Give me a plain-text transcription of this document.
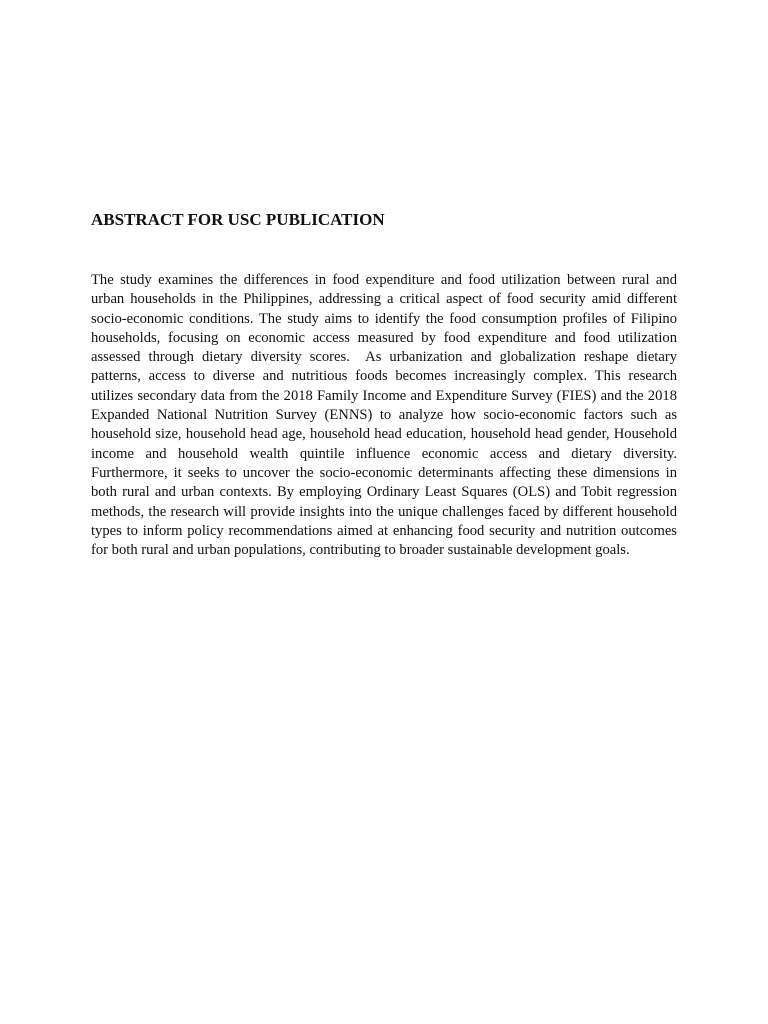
ABSTRACT FOR USC PUBLICATION

The study examines the differences in food expenditure and food utilization between rural and urban households in the Philippines, addressing a critical aspect of food security amid different socio-economic conditions. The study aims to identify the food consumption profiles of Filipino households, focusing on economic access measured by food expenditure and food utilization assessed through dietary diversity scores.  As urbanization and globalization reshape dietary patterns, access to diverse and nutritious foods becomes increasingly complex. This research utilizes secondary data from the 2018 Family Income and Expenditure Survey (FIES) and the 2018 Expanded National Nutrition Survey (ENNS) to analyze how socio-economic factors such as household size, household head age, household head education, household head gender, Household income and household wealth quintile influence economic access and dietary diversity. Furthermore, it seeks to uncover the socio-economic determinants affecting these dimensions in both rural and urban contexts. By employing Ordinary Least Squares (OLS) and Tobit regression methods, the research will provide insights into the unique challenges faced by different household types to inform policy recommendations aimed at enhancing food security and nutrition outcomes for both rural and urban populations, contributing to broader sustainable development goals.
